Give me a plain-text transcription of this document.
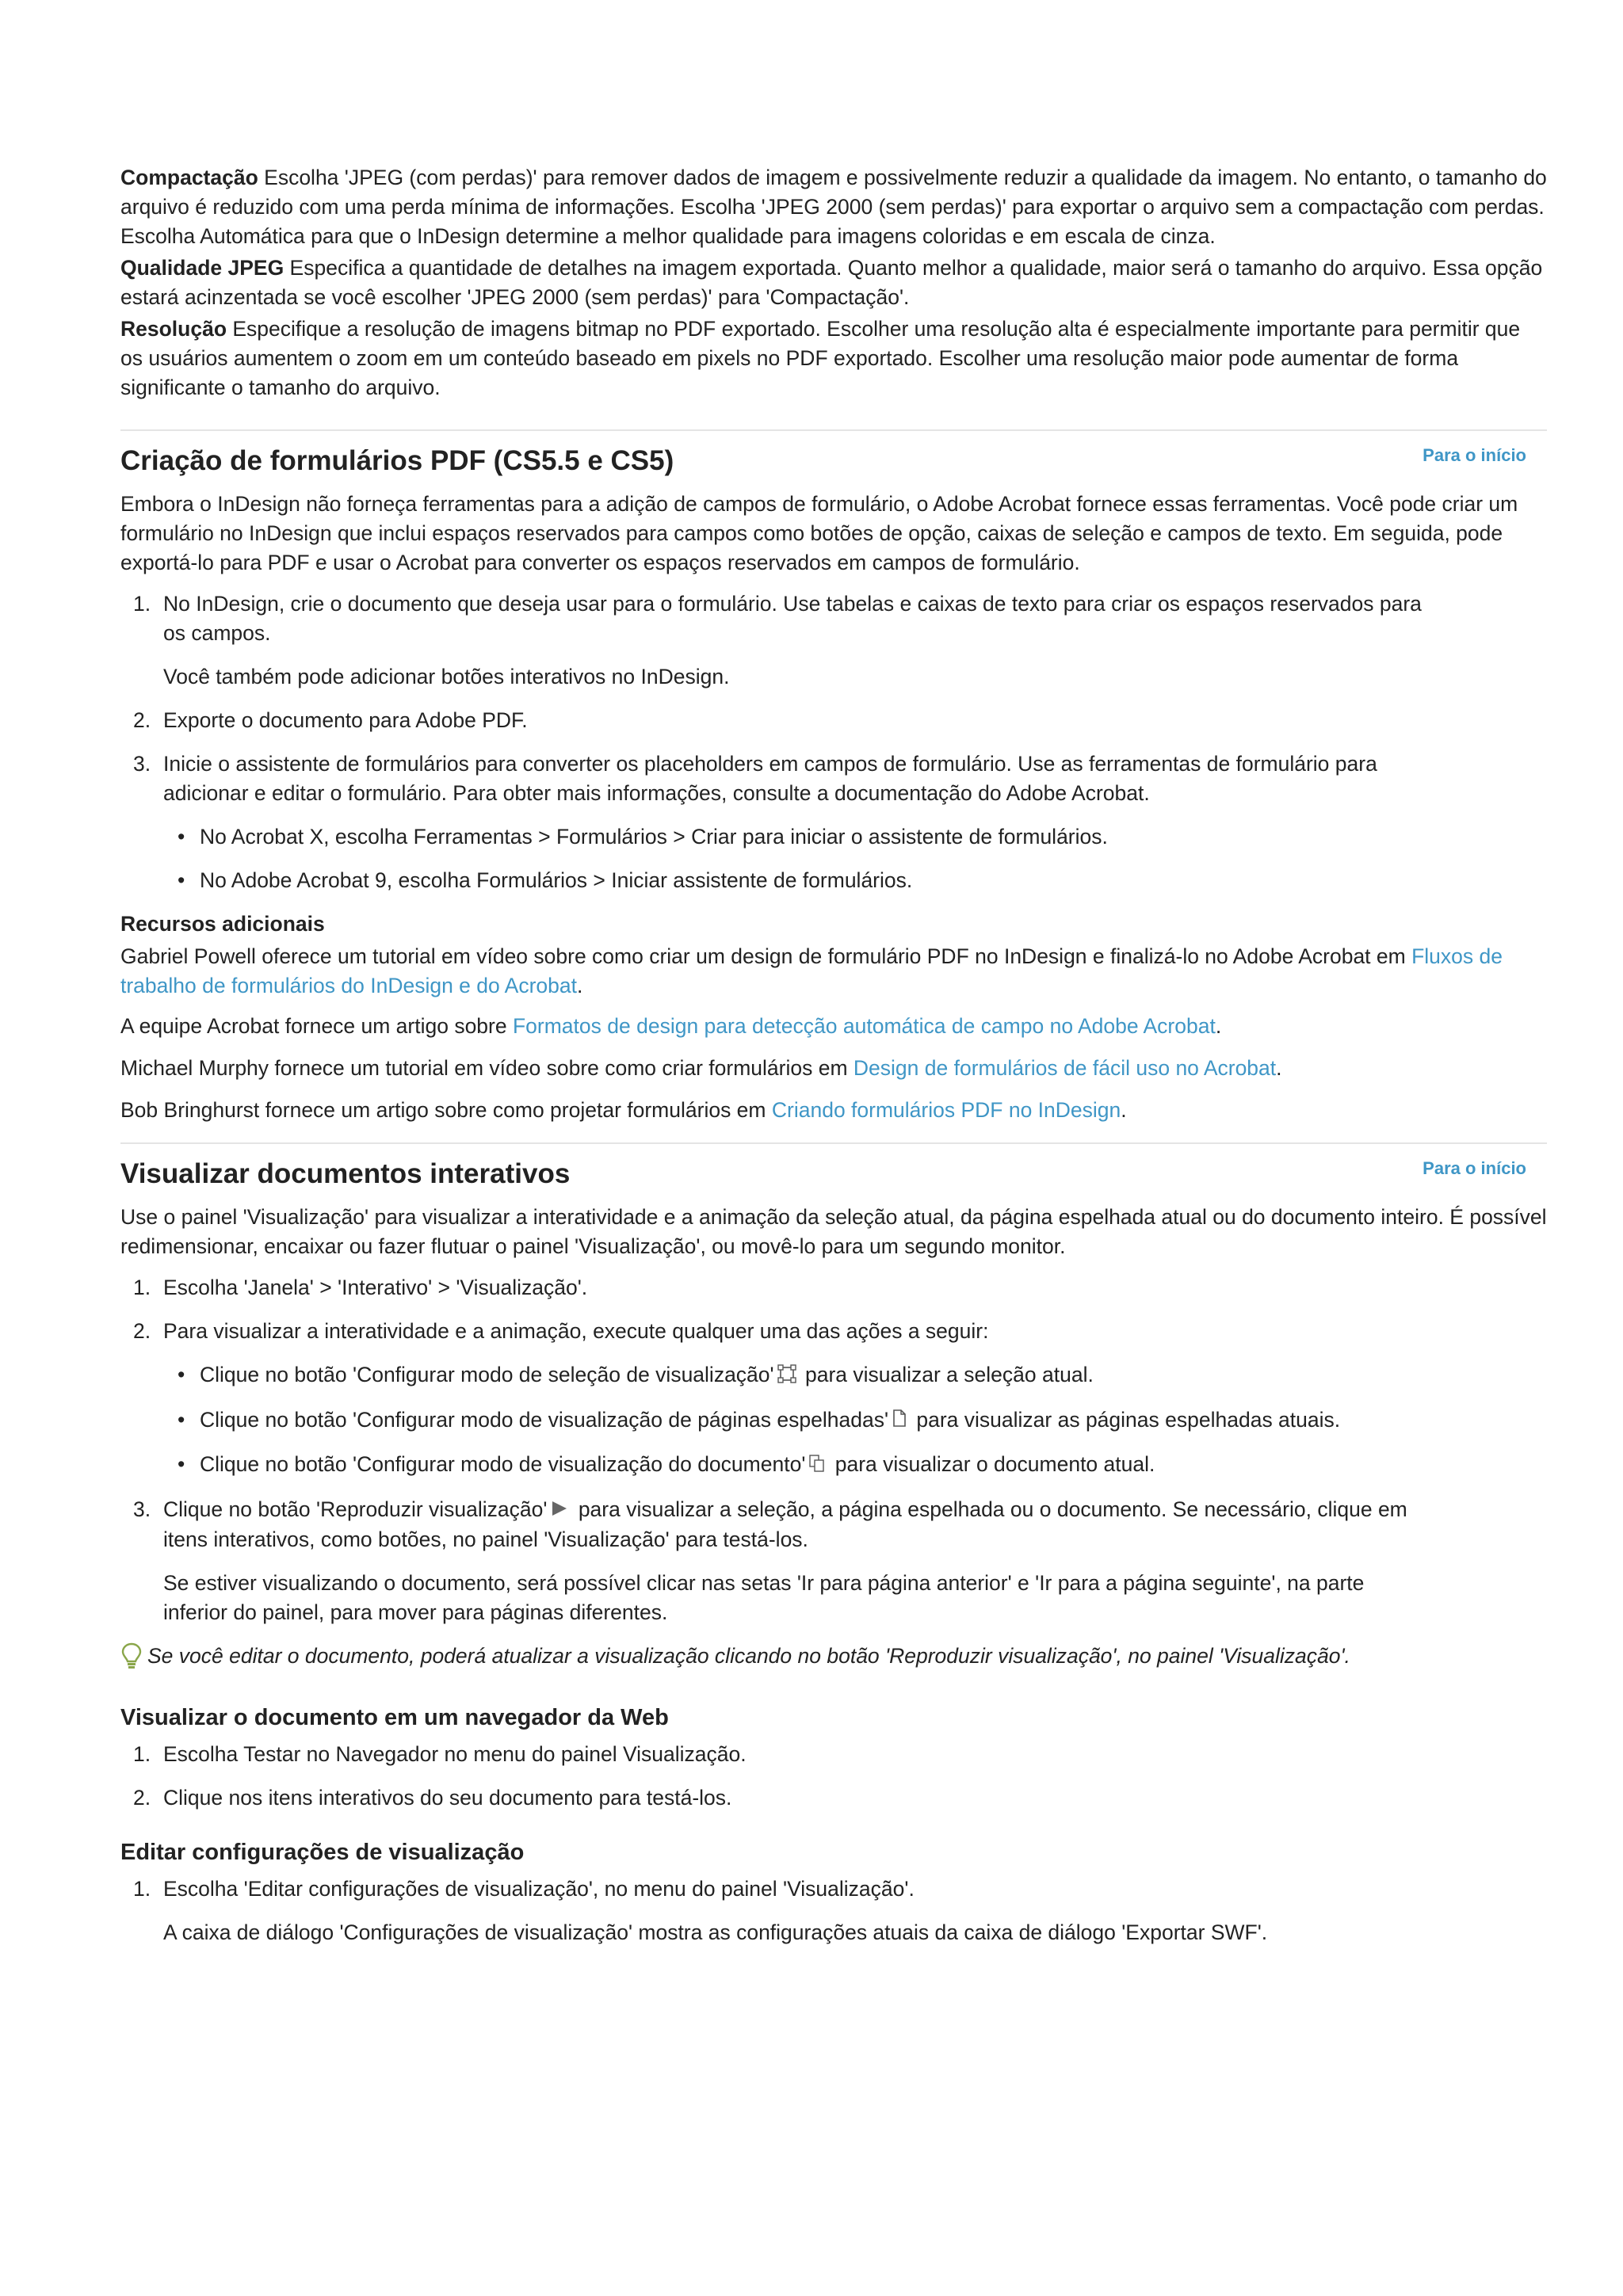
Compactação Escolha 'JPEG (com perdas)' para remover dados de imagem e possivelmente reduzir a qualidade da imagem. No entanto, o tamanho do arquivo é reduzido com uma perda mínima de informações. Escolha 'JPEG 2000 (sem perdas)' para exportar o arquivo sem a compactação com perdas. Escolha Automática para que o InDesign determine a melhor qualidade para imagens coloridas e em escala de cinza.

Qualidade JPEG Especifica a quantidade de detalhes na imagem exportada. Quanto melhor a qualidade, maior será o tamanho do arquivo. Essa opção estará acinzentada se você escolher 'JPEG 2000 (sem perdas)' para 'Compactação'.

Resolução Especifique a resolução de imagens bitmap no PDF exportado. Escolher uma resolução alta é especialmente importante para permitir que os usuários aumentem o zoom em um conteúdo baseado em pixels no PDF exportado. Escolher uma resolução maior pode aumentar de forma significante o tamanho do arquivo.

Para o início
Criação de formulários PDF (CS5.5 e CS5)

Embora o InDesign não forneça ferramentas para a adição de campos de formulário, o Adobe Acrobat fornece essas ferramentas. Você pode criar um formulário no InDesign que inclui espaços reservados para campos como botões de opção, caixas de seleção e campos de texto. Em seguida, pode exportá-lo para PDF e usar o Acrobat para converter os espaços reservados em campos de formulário.

1. No InDesign, crie o documento que deseja usar para o formulário. Use tabelas e caixas de texto para criar os espaços reservados para os campos.

Você também pode adicionar botões interativos no InDesign.

2. Exporte o documento para Adobe PDF.

3. Inicie o assistente de formulários para converter os placeholders em campos de formulário. Use as ferramentas de formulário para adicionar e editar o formulário. Para obter mais informações, consulte a documentação do Adobe Acrobat.

• No Acrobat X, escolha Ferramentas > Formulários > Criar para iniciar o assistente de formulários.
• No Adobe Acrobat 9, escolha Formulários > Iniciar assistente de formulários.
Recursos adicionais

Gabriel Powell oferece um tutorial em vídeo sobre como criar um design de formulário PDF no InDesign e finalizá-lo no Adobe Acrobat em Fluxos de trabalho de formulários do InDesign e do Acrobat.

A equipe Acrobat fornece um artigo sobre Formatos de design para detecção automática de campo no Adobe Acrobat.

Michael Murphy fornece um tutorial em vídeo sobre como criar formulários em Design de formulários de fácil uso no Acrobat.

Bob Bringhurst fornece um artigo sobre como projetar formulários em Criando formulários PDF no InDesign.

Para o início
Visualizar documentos interativos

Use o painel 'Visualização' para visualizar a interatividade e a animação da seleção atual, da página espelhada atual ou do documento inteiro. É possível redimensionar, encaixar ou fazer flutuar o painel 'Visualização', ou movê-lo para um segundo monitor.

1. Escolha 'Janela' > 'Interativo' > 'Visualização'.

2. Para visualizar a interatividade e a animação, execute qualquer uma das ações a seguir:

• Clique no botão 'Configurar modo de seleção de visualização' para visualizar a seleção atual.
• Clique no botão 'Configurar modo de visualização de páginas espelhadas' para visualizar as páginas espelhadas atuais.
• Clique no botão 'Configurar modo de visualização do documento' para visualizar o documento atual.
3. Clique no botão 'Reproduzir visualização' para visualizar a seleção, a página espelhada ou o documento. Se necessário, clique em itens interativos, como botões, no painel 'Visualização' para testá-los.

Se estiver visualizando o documento, será possível clicar nas setas 'Ir para página anterior' e 'Ir para a página seguinte', na parte inferior do painel, para mover para páginas diferentes.

Se você editar o documento, poderá atualizar a visualização clicando no botão 'Reproduzir visualização', no painel 'Visualização'.
Visualizar o documento em um navegador da Web
1. Escolha Testar no Navegador no menu do painel Visualização.

2. Clique nos itens interativos do seu documento para testá-los.

Editar configurações de visualização
1. Escolha 'Editar configurações de visualização', no menu do painel 'Visualização'.

A caixa de diálogo 'Configurações de visualização' mostra as configurações atuais da caixa de diálogo 'Exportar SWF'.
